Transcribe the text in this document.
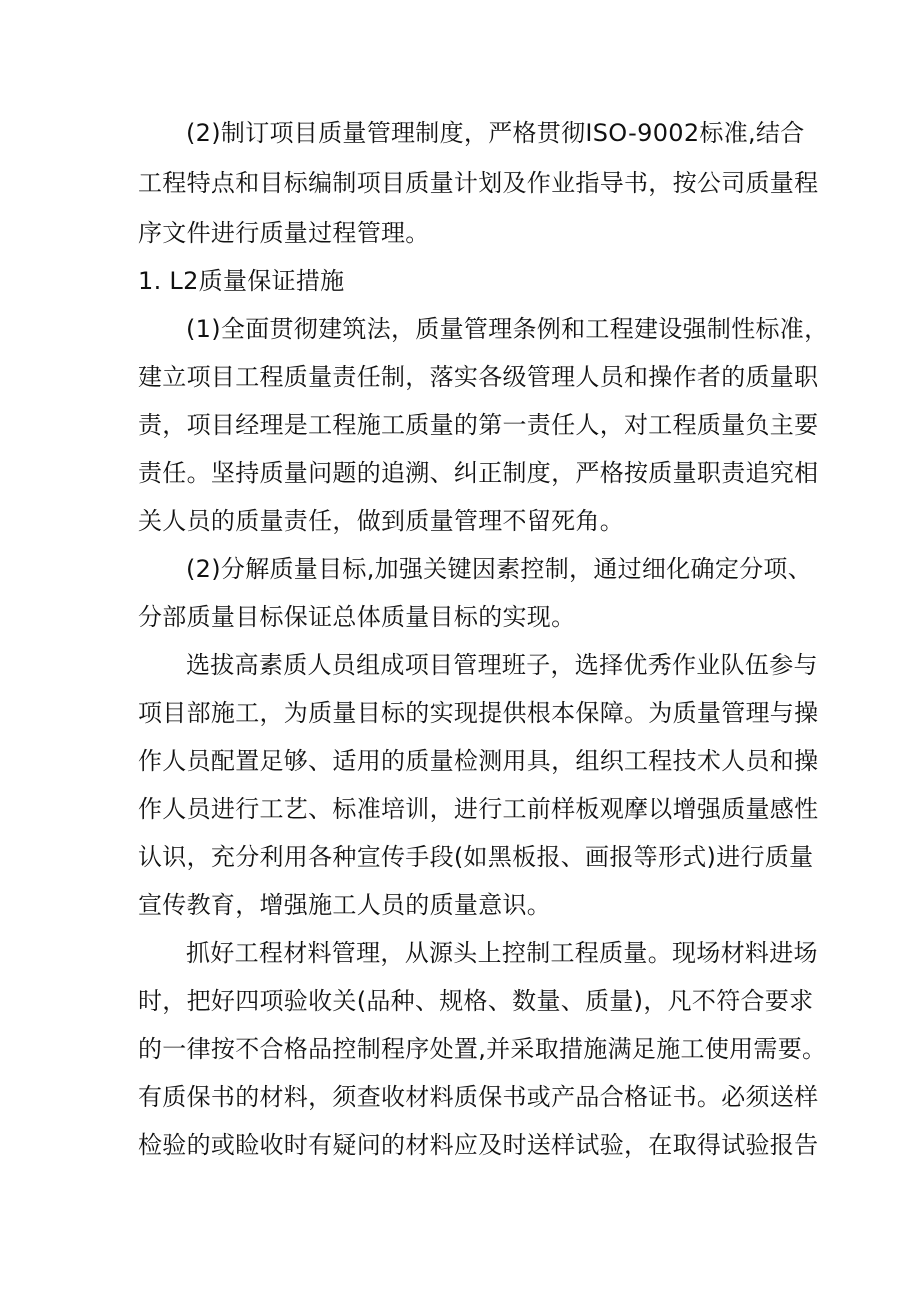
(2)制订项目质量管理制度，严格贯彻ISO-9002标准,结合

工程特点和目标编制项目质量计划及作业指导书，按公司质量程

序文件进行质量过程管理。

1. L2质量保证措施

(1)全面贯彻建筑法，质量管理条例和工程建设强制性标准，

建立项目工程质量责任制，落实各级管理人员和操作者的质量职

责，项目经理是工程施工质量的第一责任人，对工程质量负主要

责任。坚持质量问题的追溯、纠正制度，严格按质量职责追究相

关人员的质量责任，做到质量管理不留死角。

(2)分解质量目标,加强关键因素控制，通过细化确定分项、

分部质量目标保证总体质量目标的实现。

选拔高素质人员组成项目管理班子，选择优秀作业队伍参与

项目部施工，为质量目标的实现提供根本保障。为质量管理与操

作人员配置足够、适用的质量检测用具，组织工程技术人员和操

作人员进行工艺、标准培训，进行工前样板观摩以增强质量感性

认识，充分利用各种宣传手段(如黑板报、画报等形式)进行质量

宣传教育，增强施工人员的质量意识。

抓好工程材料管理，从源头上控制工程质量。现场材料进场

时，把好四项验收关(品种、规格、数量、质量)，凡不符合要求

的一律按不合格品控制程序处置,并采取措施满足施工使用需要。

有质保书的材料，须查收材料质保书或产品合格证书。必须送样

检验的或睑收时有疑问的材料应及时送样试验，在取得试验报告
